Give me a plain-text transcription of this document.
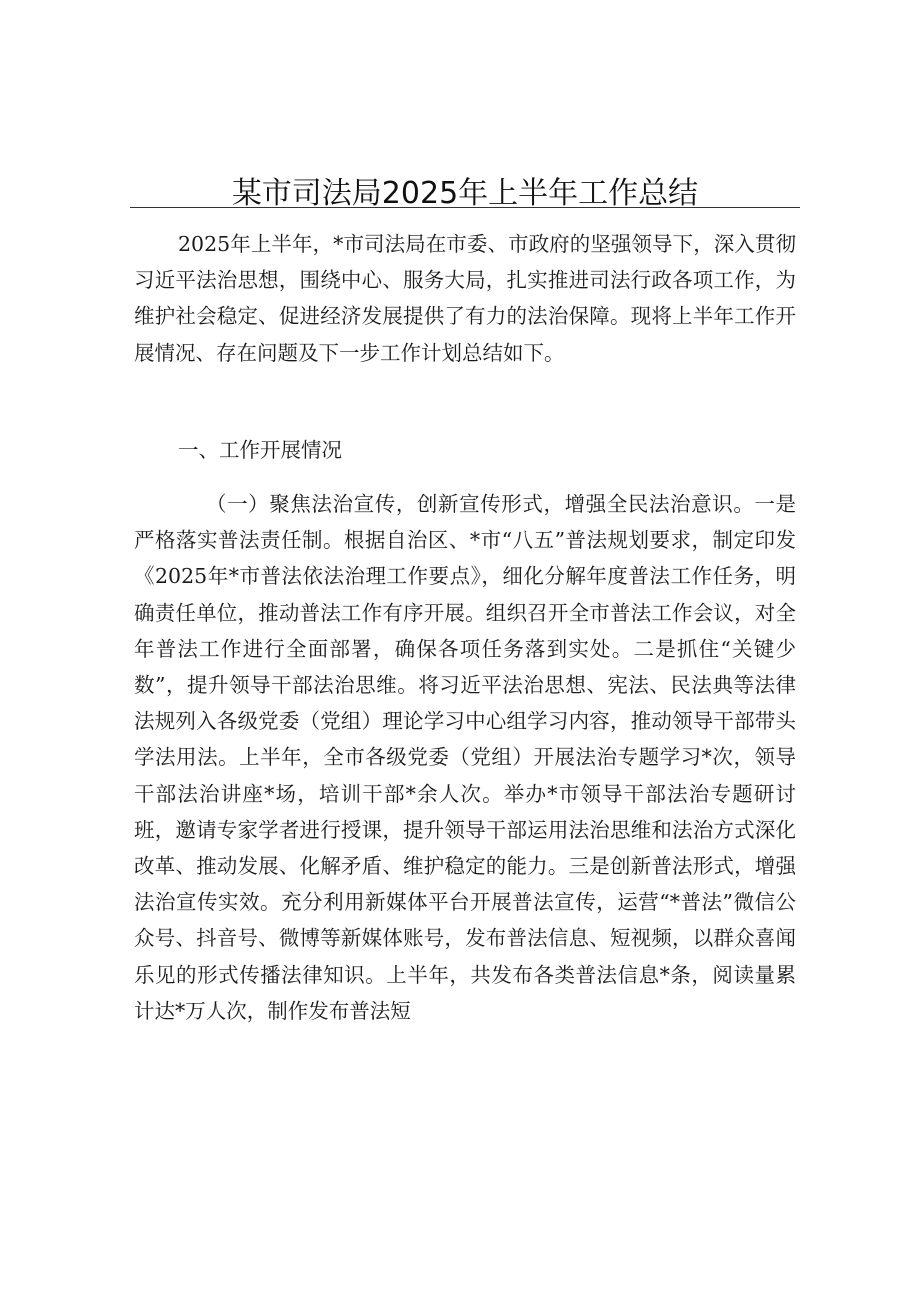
某市司法局2025年上半年工作总结

2025年上半年，*市司法局在市委、市政府的坚强领导下，深入贯彻习近平法治思想，围绕中心、服务大局，扎实推进司法行政各项工作，为维护社会稳定、促进经济发展提供了有力的法治保障。现将上半年工作开展情况、存在问题及下一步工作计划总结如下。

一、工作开展情况

（一）聚焦法治宣传，创新宣传形式，增强全民法治意识。一是严格落实普法责任制。根据自治区、*市“八五”普法规划要求，制定印发《2025年*市普法依法治理工作要点》，细化分解年度普法工作任务，明确责任单位，推动普法工作有序开展。组织召开全市普法工作会议，对全年普法工作进行全面部署，确保各项任务落到实处。二是抓住“关键少数”，提升领导干部法治思维。将习近平法治思想、宪法、民法典等法律法规列入各级党委（党组）理论学习中心组学习内容，推动领导干部带头学法用法。上半年，全市各级党委（党组）开展法治专题学习*次，领导干部法治讲座*场，培训干部*余人次。举办*市领导干部法治专题研讨班，邀请专家学者进行授课，提升领导干部运用法治思维和法治方式深化改革、推动发展、化解矛盾、维护稳定的能力。三是创新普法形式，增强法治宣传实效。充分利用新媒体平台开展普法宣传，运营“*普法”微信公众号、抖音号、微博等新媒体账号，发布普法信息、短视频，以群众喜闻乐见的形式传播法律知识。上半年，共发布各类普法信息*条，阅读量累计达*万人次，制作发布普法短
